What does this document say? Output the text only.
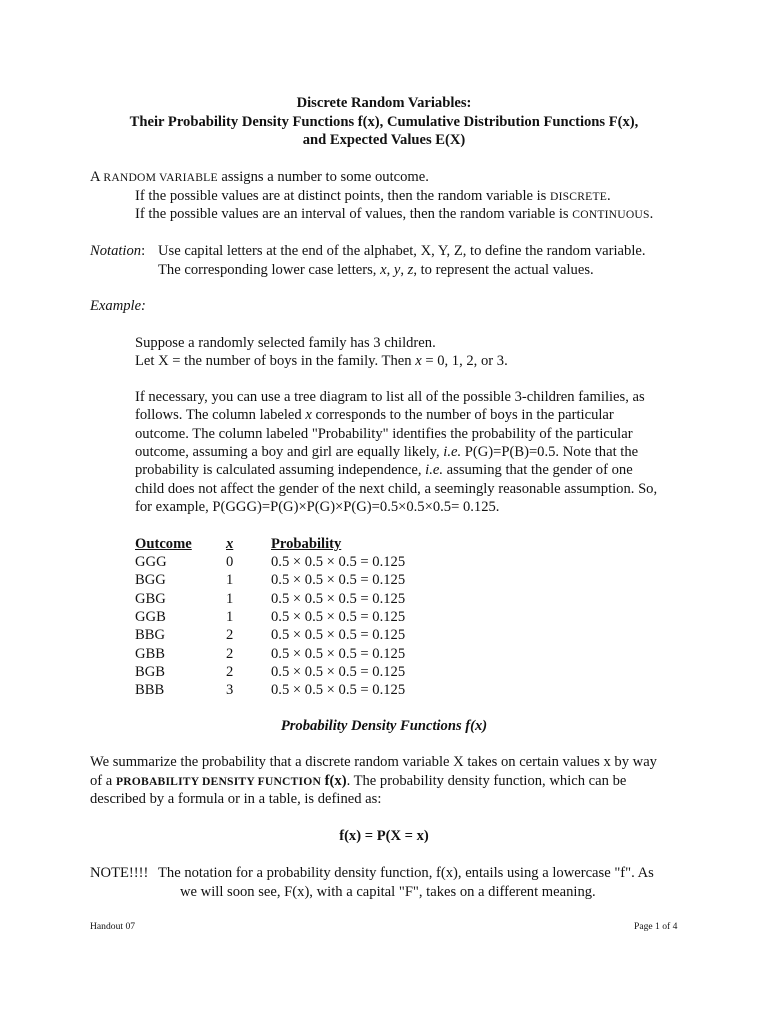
Discrete Random Variables:
Their Probability Density Functions f(x), Cumulative Distribution Functions F(x),
and Expected Values E(X)
A RANDOM VARIABLE assigns a number to some outcome.
If the possible values are at distinct points, then the random variable is DISCRETE.
If the possible values are an interval of values, then the random variable is CONTINUOUS.
Notation: Use capital letters at the end of the alphabet, X, Y, Z, to define the random variable.
The corresponding lower case letters, x, y, z, to represent the actual values.
Example:
Suppose a randomly selected family has 3 children.
Let X = the number of boys in the family. Then x = 0, 1, 2, or 3.
If necessary, you can use a tree diagram to list all of the possible 3-children families, as
follows. The column labeled x corresponds to the number of boys in the particular
outcome. The column labeled "Probability" identifies the probability of the particular
outcome, assuming a boy and girl are equally likely, i.e. P(G)=P(B)=0.5. Note that the
probability is calculated assuming independence, i.e. assuming that the gender of one
child does not affect the gender of the next child, a seemingly reasonable assumption. So,
for example, P(GGG)=P(G)×P(G)×P(G)=0.5×0.5×0.5= 0.125.
Outcome x	Probability
GGG	0	0.5 × 0.5 × 0.5 = 0.125
BGG	1	0.5 × 0.5 × 0.5 = 0.125
GBG	1	0.5 × 0.5 × 0.5 = 0.125
GGB	1	0.5 × 0.5 × 0.5 = 0.125
BBG	2	0.5 × 0.5 × 0.5 = 0.125
GBB	2	0.5 × 0.5 × 0.5 = 0.125
BGB	2	0.5 × 0.5 × 0.5 = 0.125
BBB	3	0.5 × 0.5 × 0.5 = 0.125
Probability Density Functions f(x)
We summarize the probability that a discrete random variable X takes on certain values x by way
of a PROBABILITY DENSITY FUNCTION f(x). The probability density function, which can be
described by a formula or in a table, is defined as:
f(x) = P(X = x)
NOTE!!!! The notation for a probability density function, f(x), entails using a lowercase "f". As
we will soon see, F(x), with a capital "F", takes on a different meaning.
Handout 07	Page 1 of 4
